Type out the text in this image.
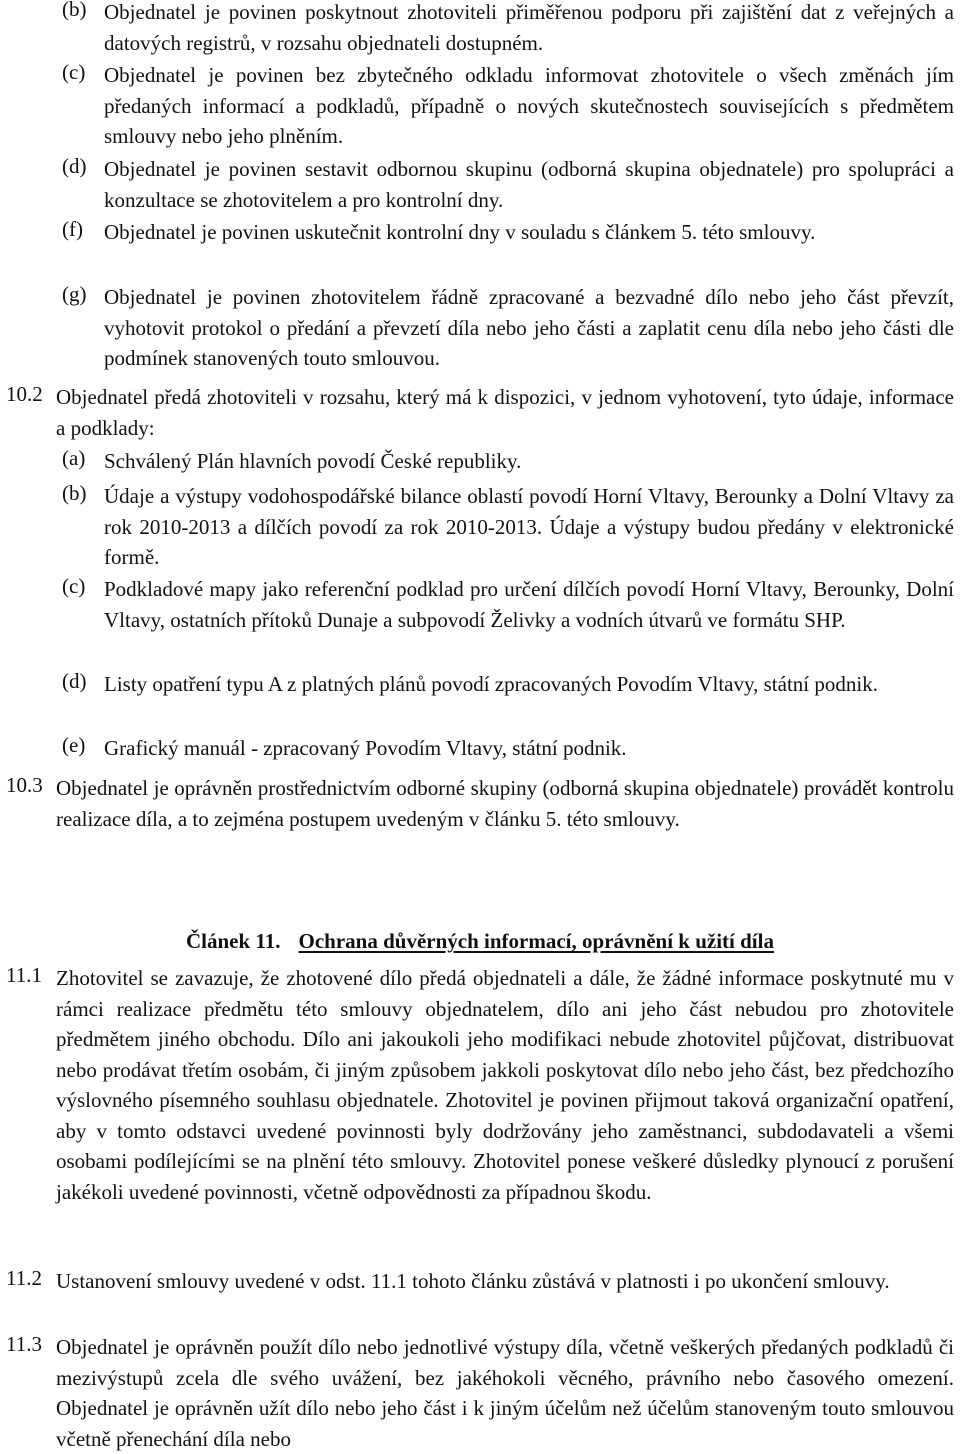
(b) Objednatel je povinen poskytnout zhotoviteli přiměřenou podporu při zajištění dat z veřejných a datových registrů, v rozsahu objednateli dostupném.

(c) Objednatel je povinen bez zbytečného odkladu informovat zhotovitele o všech změnách jím předaných informací a podkladů, případně o nových skutečnostech souvisejících s předmětem smlouvy nebo jeho plněním.

(d) Objednatel je povinen sestavit odbornou skupinu (odborná skupina objednatele) pro spolupráci a konzultace se zhotovitelem a pro kontrolní dny.

(f)	Objednatel je povinen uskutečnit kontrolní dny v souladu s článkem 5. této smlouvy.

(g) Objednatel je povinen zhotovitelem řádně zpracované a bezvadné dílo nebo jeho část převzít, vyhotovit protokol o předání a převzetí díla nebo jeho části a zaplatit cenu díla nebo jeho části dle podmínek stanovených touto smlouvou.

10.2 Objednatel předá zhotoviteli v rozsahu, který má k dispozici, v jednom vyhotovení, tyto údaje, informace a podklady:

(a) Schválený Plán hlavních povodí České republiky.

(b) Údaje a výstupy vodohospodářské bilance oblastí povodí Horní Vltavy, Berounky a Dolní Vltavy za rok 2010-2013 a dílčích povodí za rok 2010-2013. Údaje a výstupy budou předány v elektronické formě.

(c) Podkladové mapy jako referenční podklad pro určení dílčích povodí Horní Vltavy, Berounky, Dolní Vltavy, ostatních přítoků Dunaje a subpovodí Želivky a vodních útvarů ve formátu SHP.

(d) Listy opatření typu A z platných plánů povodí zpracovaných Povodím Vltavy, státní podnik.

(e) Grafický manuál - zpracovaný Povodím Vltavy, státní podnik.

10.3 Objednatel je oprávněn prostřednictvím odborné skupiny (odborná skupina objednatele) provádět kontrolu realizace díla, a to zejména postupem uvedeným v článku 5. této smlouvy.

Článek 11. Ochrana důvěrných informací, oprávnění k užití díla
11.1 Zhotovitel se zavazuje, že zhotovené dílo předá objednateli a dále, že žádné informace poskytnuté mu v rámci realizace předmětu této smlouvy objednatelem, dílo ani jeho část nebudou pro zhotovitele předmětem jiného obchodu. Dílo ani jakoukoli jeho modifikaci nebude zhotovitel půjčovat, distribuovat nebo prodávat třetím osobám, či jiným způsobem jakkoli poskytovat dílo nebo jeho část, bez předchozího výslovného písemného souhlasu objednatele. Zhotovitel je povinen přijmout taková organizační opatření, aby v tomto odstavci uvedené povinnosti byly dodržovány jeho zaměstnanci, subdodavateli a všemi osobami podílejícími se na plnění této smlouvy. Zhotovitel ponese veškeré důsledky plynoucí z porušení jakékoli uvedené povinnosti, včetně odpovědnosti za případnou škodu.

11.2 Ustanovení smlouvy uvedené v odst. 11.1 tohoto článku zůstává v platnosti i po ukončení smlouvy.

11.3 Objednatel je oprávněn použít dílo nebo jednotlivé výstupy díla, včetně veškerých předaných podkladů či mezivýstupů zcela dle svého uvážení, bez jakéhokoli věcného, právního nebo časového omezení. Objednatel je oprávněn užít dílo nebo jeho část i k jiným účelům než účelům stanoveným touto smlouvou včetně přenechání díla nebo
